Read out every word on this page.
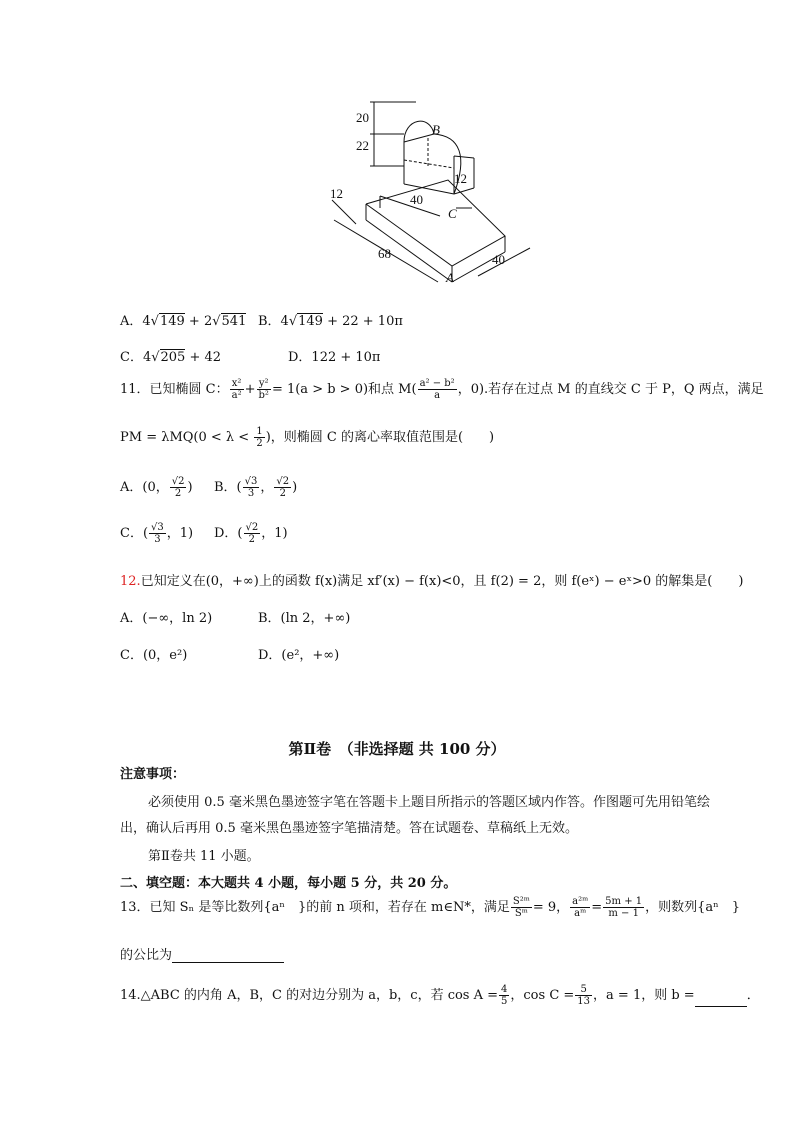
20
22
B
12
12	40
C
68
A
40
A．4√149 + 2√541 B．4√149 + 22 + 10π
C．4√205 + 42	D．122 + 10π
11．已知椭圆 C： $\frac{\text{x²}}{\text{a²}} + \frac{\text{y²}}{\text{b²}} = 1(a > b > 0)$和点 $M( \frac{\text{a² − b²}}{a}$ ，0).若存在过点 M 的直线交 C 于 P，Q 两点，满足
PM = $\lambda MQ(0 < \lambda < \frac{1}{2}$ )，则椭圆 C 的离心率取值范围是(　　)
A．(0， $\frac{√2}{2}$ ) B．( $\frac{√3}{3}$ ， $\frac{√2}{2}$ )
C．( $\frac{√3}{3}$ ，1) D．( $\frac{√2}{2}$ ，1)
12.已知定义在(0，+∞)上的函数 f(x)满足 xf′(x) − f(x)<0，且 f(2) = 2，则 f(eˣ) − eˣ>0 的解集是(　　)
A．(−∞，ln 2)	B．(ln 2，+∞)
C．(0，e²)	D．(e²，+∞)
第Ⅱ卷　（非选择题 共 100 分）
注意事项：
必须使用 0.5 毫米黑色墨迹签字笔在答题卡上题目所指示的答题区域内作答。作图题可先用铅笔绘
出，确认后再用 0.5 毫米黑色墨迹签字笔描清楚。答在试题卷、草稿纸上无效。
第Ⅱ卷共 11 小题。
二、填空题：本大题共 4 小题，每小题 5 分，共 20 分。
13．已知 Sₙ 是等比数列{aⁿ　}的前 n 项和，若存在 m∈N*，满足 $\frac{\text{S²ᵐ}}{\text{Sᵐ}} = 9$， $\frac{\text{a²ᵐ}}{\text{aᵐ}} = \frac{5m + 1}{m - 1}$ ，则数列{aⁿ　}
的公比为
14.△ABC 的内角 A，B，C 的对边分别为 a，b，c，若 $\cos A = \frac{4}{5}$ ，$\cos C = \frac{5}{13}$ ，a = 1，则 b =	．
